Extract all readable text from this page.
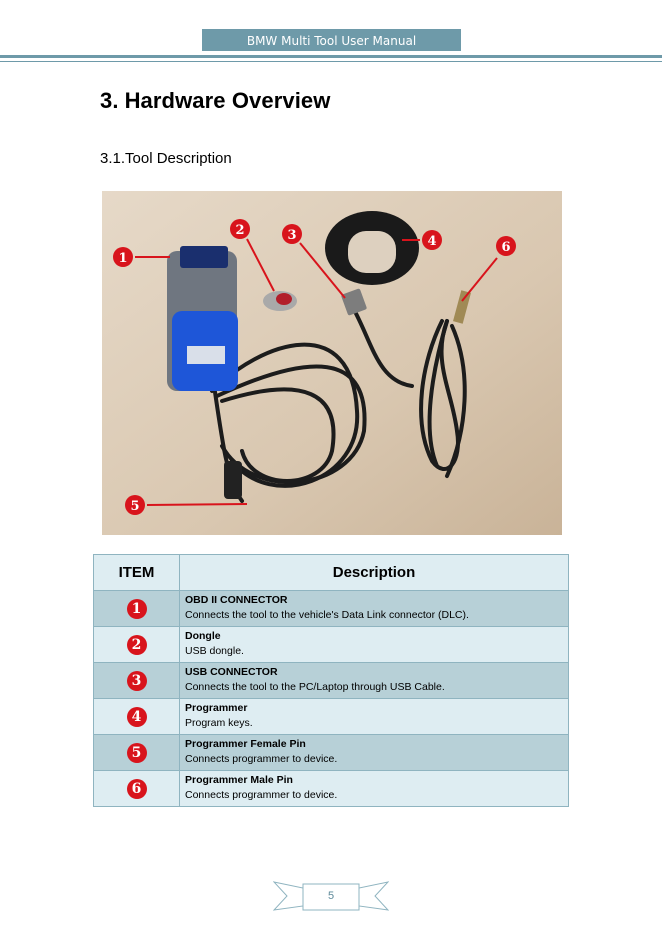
BMW Multi Tool User Manual
3. Hardware Overview
3.1.Tool Description
1
2	3	4	6
5
ITEM	Description
1	OBD II CONNECTOR
Connects the tool to the vehicle's Data Link connector (DLC).

2	Dongle
USB dongle.

3	USB CONNECTOR
Connects the tool to the PC/Laptop through USB Cable.

4	Programmer
Program keys.

5	Programmer Female Pin
Connects programmer to device.

6	Programmer Male Pin
Connects programmer to device.
5
